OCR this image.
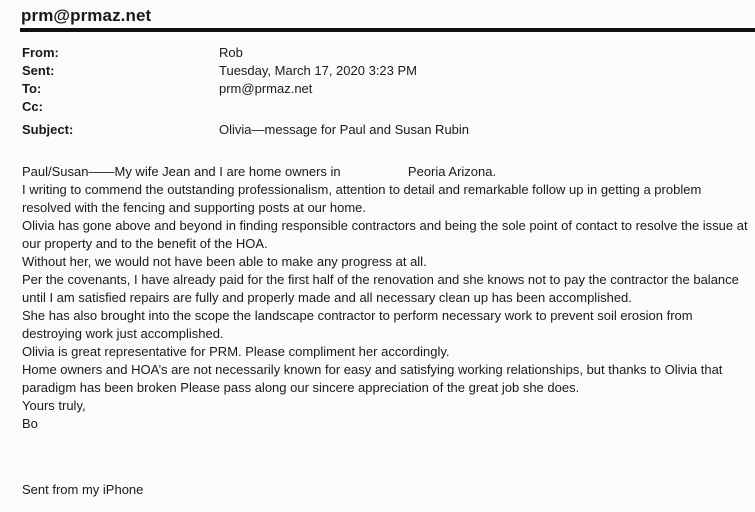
prm@prmaz.net
From:	Rob
Sent:	Tuesday, March 17, 2020 3:23 PM
To:	prm@prmaz.net
Cc:
Subject:	Olivia—message for Paul and Susan Rubin

Paul/Susan——My wife Jean and I are home owners in	Peoria Arizona.

I writing to commend the outstanding professionalism, attention to detail and remarkable follow up in getting a problem resolved with the fencing and supporting posts at our home.

Olivia has gone above and beyond in finding responsible contractors and being the sole point of contact to resolve the issue at our property and to the benefit of the HOA.

Without her, we would not have been able to make any progress at all.

Per the covenants, I have already paid for the first half of the renovation and she knows not to pay the contractor the balance until I am satisfied repairs are fully and properly made and all necessary clean up has been accomplished.

She has also brought into the scope the landscape contractor to perform necessary work to prevent soil erosion from destroying work just accomplished.

Olivia is great representative for PRM. Please compliment her accordingly.

Home owners and HOA’s are not necessarily known for easy and satisfying working relationships, but thanks to Olivia that paradigm has been broken Please pass along our sincere appreciation of the great job she does.

Yours truly,

Bo
Sent from my iPhone
